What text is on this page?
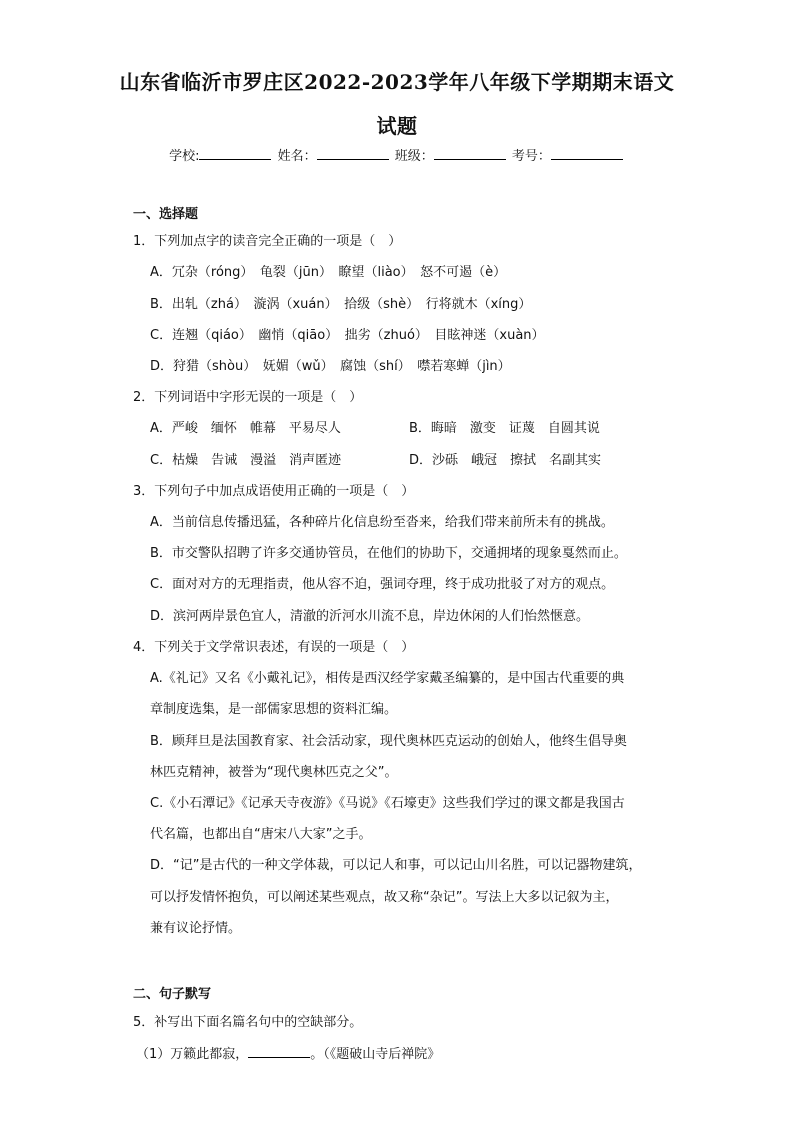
山东省临沂市罗庄区2022-2023学年八年级下学期期末语文
试题
学校:	姓名：	班级：	考号：
一、选择题
1．下列加点字的读音完全正确的一项是（　）
A．冗杂（róng）　龟裂（jūn）　瞭望（liào）　怒不可遏（è）
B．出轧（zhá）　漩涡（xuán）　拾级（shè）　行将就木（xíng）
C．连翘（qiáo）　幽悄（qiāo）　拙劣（zhuó）　目眩神迷（xuàn）
D．狩猎（shòu）　妩媚（wǔ）　腐蚀（shí）　噤若寒蝉（jìn）
2．下列词语中字形无误的一项是（　）
A．严峻　缅怀　帷幕　平易尽人	B．晦暗　激变　证蔑　自圆其说
C．枯燥　告诫　漫溢　消声匿迹	D．沙砾　峨冠　擦拭　名副其实
3．下列句子中加点成语使用正确的一项是（　）
A．当前信息传播迅猛，各种碎片化信息纷至沓来，给我们带来前所未有的挑战。
B．市交警队招聘了许多交通协管员，在他们的协助下，交通拥堵的现象戛然而止。
C．面对对方的无理指责，他从容不迫，强词夺理，终于成功批驳了对方的观点。
D．滨河两岸景色宜人，清澈的沂河水川流不息，岸边休闲的人们怡然惬意。
4．下列关于文学常识表述，有误的一项是（　）
A.《礼记》又名《小戴礼记》，相传是西汉经学家戴圣编纂的，是中国古代重要的典
章制度选集，是一部儒家思想的资料汇编。
B．顾拜旦是法国教育家、社会活动家，现代奥林匹克运动的创始人，他终生倡导奥
林匹克精神，被誉为“现代奥林匹克之父”。
C.《小石潭记》《记承天寺夜游》《马说》《石壕吏》这些我们学过的课文都是我国古
代名篇，也都出自“唐宋八大家”之手。
D．“记”是古代的一种文学体裁，可以记人和事，可以记山川名胜，可以记器物建筑，
可以抒发情怀抱负，可以阐述某些观点，故又称“杂记”。写法上大多以记叙为主，
兼有议论抒情。
二、句子默写
5．补写出下面名篇名句中的空缺部分。
（1）万籁此都寂，	。（《题破山寺后禅院》
